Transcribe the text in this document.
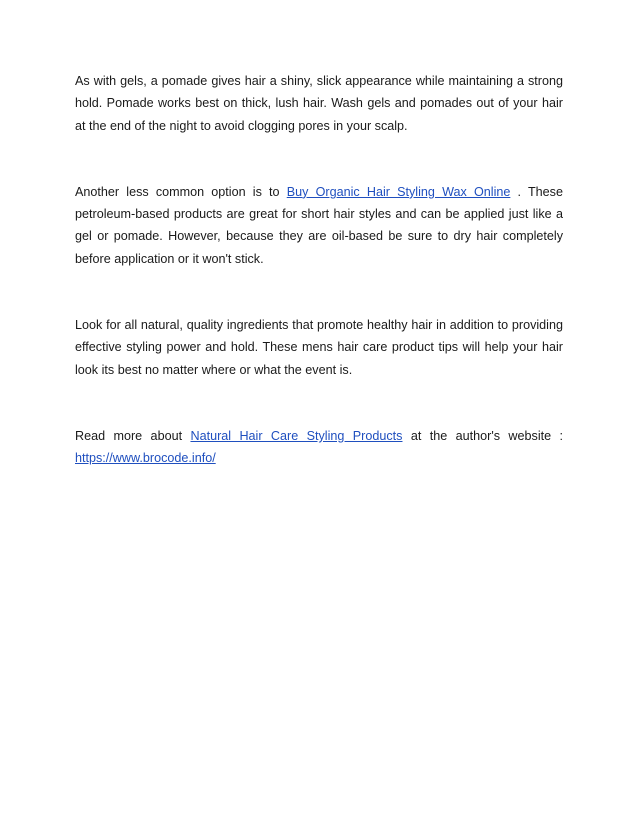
As with gels, a pomade gives hair a shiny, slick appearance while maintaining a strong hold. Pomade works best on thick, lush hair. Wash gels and pomades out of your hair at the end of the night to avoid clogging pores in your scalp.

Another less common option is to Buy Organic Hair Styling Wax Online . These petroleum-based products are great for short hair styles and can be applied just like a gel or pomade. However, because they are oil-based be sure to dry hair completely before application or it won't stick.

Look for all natural, quality ingredients that promote healthy hair in addition to providing effective styling power and hold. These mens hair care product tips will help your hair look its best no matter where or what the event is.

Read more about Natural Hair Care Styling Products at the author's website : https://www.brocode.info/
